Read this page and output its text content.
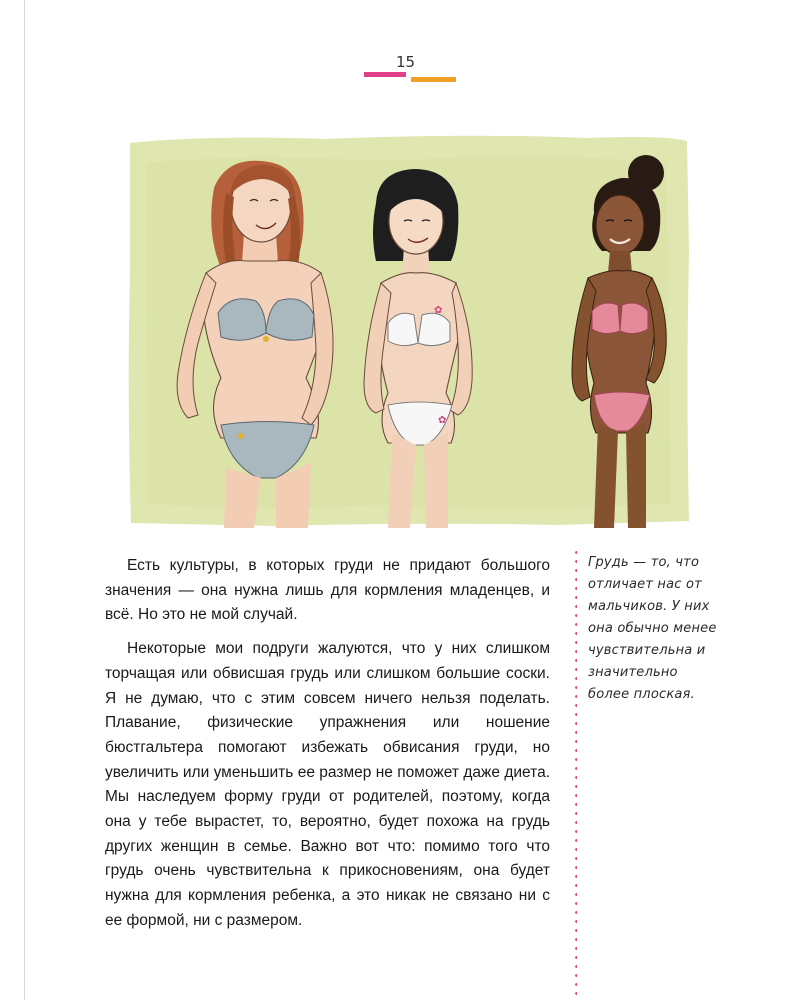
15
✿
✿

Есть культуры, в которых груди не придают большого значения — она нужна лишь для кормления младенцев, и всё. Но это не мой случай.

Некоторые мои подруги жалуются, что у них слишком торчащая или обвисшая грудь или слишком большие соски. Я не думаю, что с этим совсем ничего нельзя поделать. Плавание, физические упражнения или ношение бюстгальтера помогают избежать обвисания груди, но увеличить или уменьшить ее размер не поможет даже диета. Мы наследуем форму груди от родителей, поэтому, когда она у тебе вырастет, то, вероятно, будет похожа на грудь других женщин в семье. Важно вот что: помимо того что грудь очень чувствительна к прикосновениям, она будет нужна для кормления ребенка, а это никак не связано ни с ее формой, ни с размером.

Грудь — то, что отличает нас от мальчиков. У них она обычно менее чувствительна и значительно более плоская.
